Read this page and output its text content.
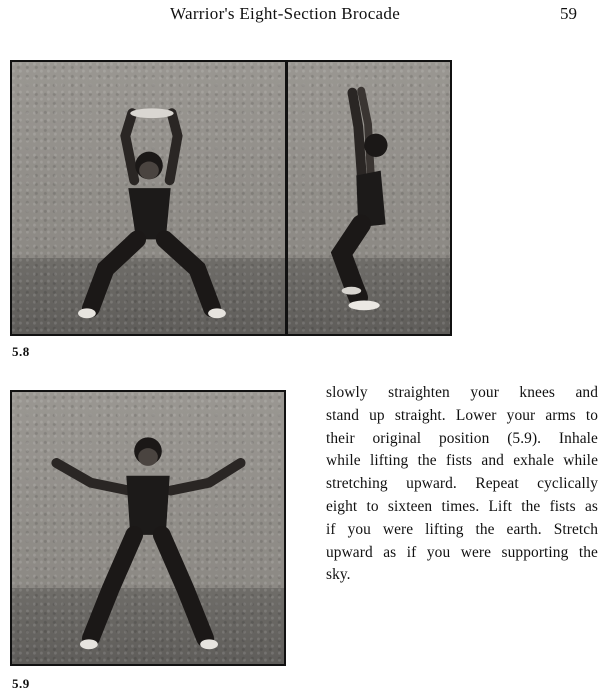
Warrior's Eight-Section Brocade	59
5.8
5.9
slowly straighten your knees and
stand up straight. Lower your arms to
their original position (5.9). Inhale
while lifting the fists and exhale while
stretching upward. Repeat cyclically
eight to sixteen times. Lift the fists as
if you were lifting the earth. Stretch
upward as if you were supporting the
sky.
